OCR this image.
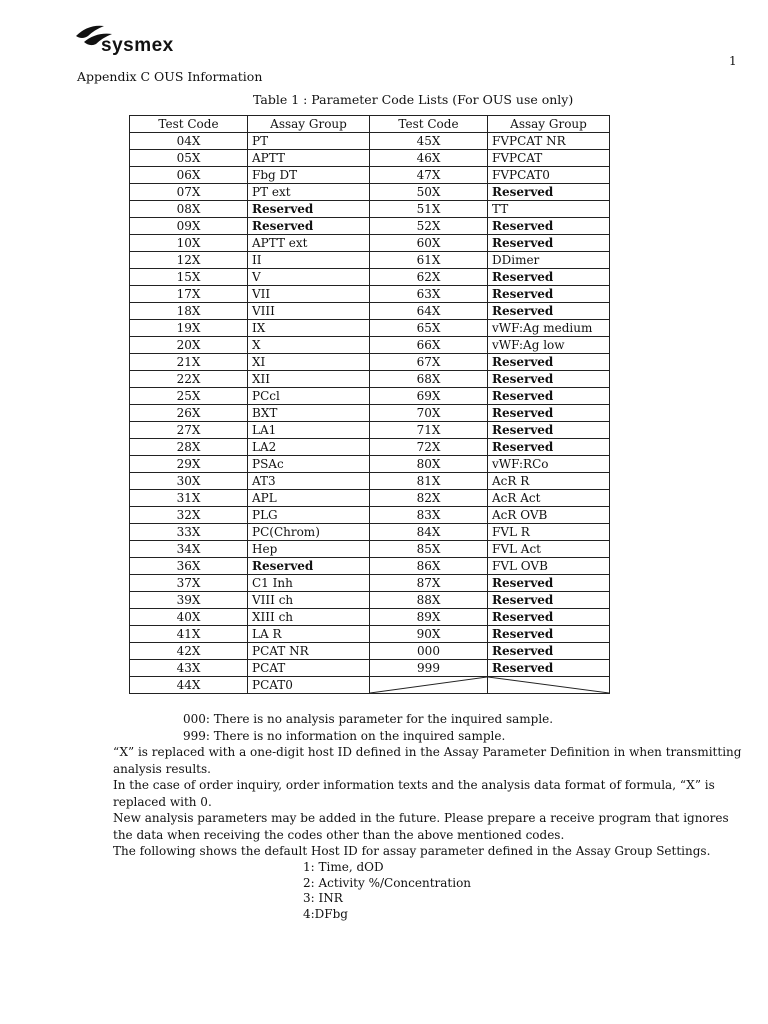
sysmex
1
Appendix C OUS Information
Table 1 : Parameter Code Lists (For OUS use only)
Test Code	Assay Group	Test Code	Assay Group
04X	PT	45X	FVPCAT NR
05X	APTT	46X	FVPCAT
06X	Fbg DT	47X	FVPCAT0
07X	PT ext	50X	Reserved
08X	Reserved	51X	TT
09X	Reserved	52X	Reserved
10X	APTT ext	60X	Reserved
12X	II	61X	DDimer
15X	V	62X	Reserved
17X	VII	63X	Reserved
18X	VIII	64X	Reserved
19X	IX	65X	vWF:Ag medium
20X	X	66X	vWF:Ag low
21X	XI	67X	Reserved
22X	XII	68X	Reserved
25X	PCcl	69X	Reserved
26X	BXT	70X	Reserved
27X	LA1	71X	Reserved
28X	LA2	72X	Reserved
29X	PSAc	80X	vWF:RCo
30X	AT3	81X	AcR R
31X	APL	82X	AcR Act
32X	PLG	83X	AcR OVB
33X	PC(Chrom)	84X	FVL R
34X	Hep	85X	FVL Act
36X	Reserved	86X	FVL OVB
37X	C1 Inh	87X	Reserved
39X	VIII ch	88X	Reserved
40X	XIII ch	89X	Reserved
41X	LA R	90X	Reserved
42X	PCAT NR	000	Reserved
43X	PCAT	999	Reserved
44X	PCAT0	

000: There is no analysis parameter for the inquired sample.

999: There is no information on the inquired sample.

“X” is replaced with a one-digit host ID defined in the Assay Parameter Definition in when transmitting analysis results.

In the case of order inquiry, order information texts and the analysis data format of formula, “X” is replaced with 0.

New analysis parameters may be added in the future. Please prepare a receive program that ignores the data when receiving the codes other than the above mentioned codes.

The following shows the default Host ID for assay parameter defined in the Assay Group Settings.

1: Time, dOD

2: Activity %/Concentration

3: INR

4:DFbg
